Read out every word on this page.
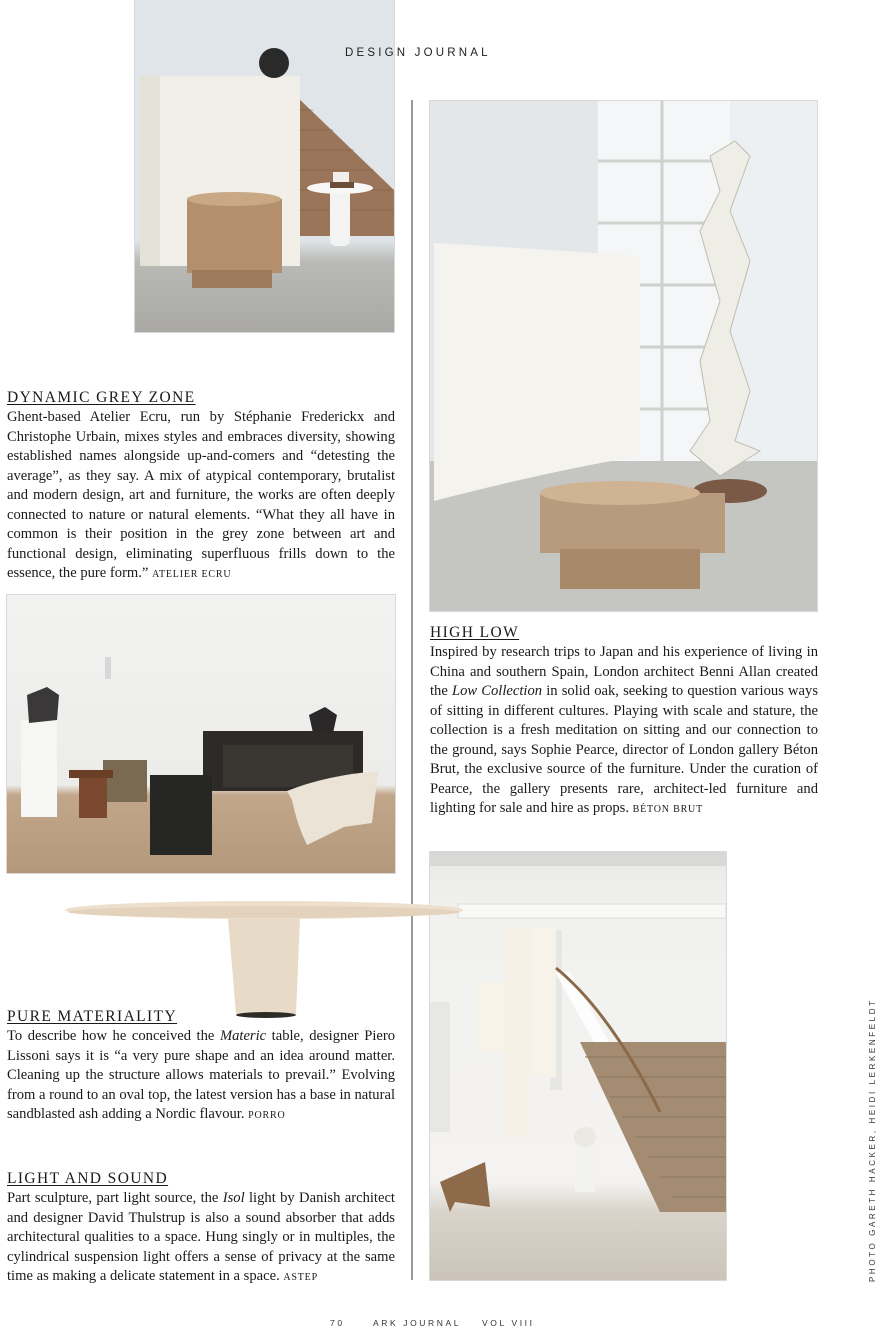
DESIGN JOURNAL
DYNAMIC GREY ZONE

Ghent-based Atelier Ecru, run by Stéphanie Frederickx and Christophe Urbain, mixes styles and embraces diversity, showing established names alongside up-and-comers and “detesting the average”, as they say. A mix of atypical contemporary, brutalist and modern design, art and furniture, the works are often deeply connected to nature or natural elements. “What they all have in common is their position in the grey zone between art and functional design, eliminating superfluous frills down to the essence, the pure form.” ATELIER ECRU

HIGH LOW

Inspired by research trips to Japan and his experience of living in China and southern Spain, London architect Benni Allan created the Low Collection in solid oak, seeking to question various ways of sitting in different cultures. Playing with scale and stature, the collection is a fresh meditation on sitting and our connection to the ground, says Sophie Pearce, director of London gallery Béton Brut, the exclusive source of the furniture. Under the curation of Pearce, the gallery presents rare, architect-led furniture and lighting for sale and hire as props. BÉTON BRUT

PURE MATERIALITY

To describe how he conceived the Materic table, designer Piero Lissoni says it is “a very pure shape and an idea around matter. Cleaning up the structure allows materials to prevail.” Evolving from a round to an oval top, the latest version has a base in natural sandblasted ash adding a Nordic flavour. PORRO

LIGHT AND SOUND

Part sculpture, part light source, the Isol light by Danish architect and designer David Thulstrup is also a sound absorber that adds architectural qualities to a space. Hung singly or in multiples, the cylindrical suspension light offers a sense of privacy at the same time as making a delicate statement in a space. ASTEP

70	ARK JOURNAL VOL VIII
PHOTO GARETH HACKER, HEIDI LERKENFELDT
